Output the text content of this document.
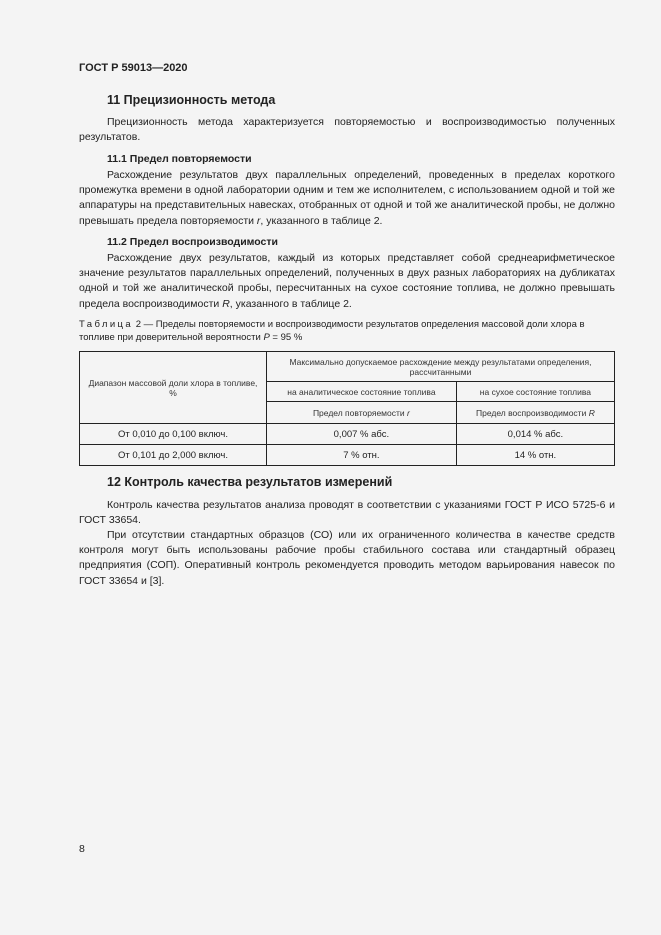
ГОСТ Р 59013—2020
11 Прецизионность метода

Прецизионность метода характеризуется повторяемостью и воспроизводимостью полученных результатов.

11.1 Предел повторяемости

Расхождение результатов двух параллельных определений, проведенных в пределах короткого промежутка времени в одной лаборатории одним и тем же исполнителем, с использованием одной и той же аппаратуры на представительных навесках, отобранных от одной и той же аналитической пробы, не должно превышать предела повторяемости r, указанного в таблице 2.

11.2 Предел воспроизводимости

Расхождение двух результатов, каждый из которых представляет собой среднеарифметическое значение результатов параллельных определений, полученных в двух разных лабораториях на дубликатах одной и той же аналитической пробы, пересчитанных на сухое состояние топлива, не должно превышать предела воспроизводимости R, указанного в таблице 2.

Таблица 2 — Пределы повторяемости и воспроизводимости результатов определения массовой доли хлора в топливе при доверительной вероятности P = 95 %

Диапазон массовой доли хлора в топливе, %	Максимально допускаемое расхождение между результатами определения, рассчитанными	
	на аналитическое состояние топлива	на сухое состояние топлива
	Предел повторяемости r	Предел воспроизводимости R
От 0,010 до 0,100 включ.	0,007 % абс.	0,014 % абс.
От 0,101 до 2,000 включ.	7 % отн.	14 % отн.
12 Контроль качества результатов измерений

Контроль качества результатов анализа проводят в соответствии с указаниями ГОСТ Р ИСО 5725-6 и ГОСТ 33654.

При отсутствии стандартных образцов (СО) или их ограниченного количества в качестве средств контроля могут быть использованы рабочие пробы стабильного состава или стандартный образец предприятия (СОП). Оперативный контроль рекомендуется проводить методом варьирования навесок по ГОСТ 33654 и [3].

8
